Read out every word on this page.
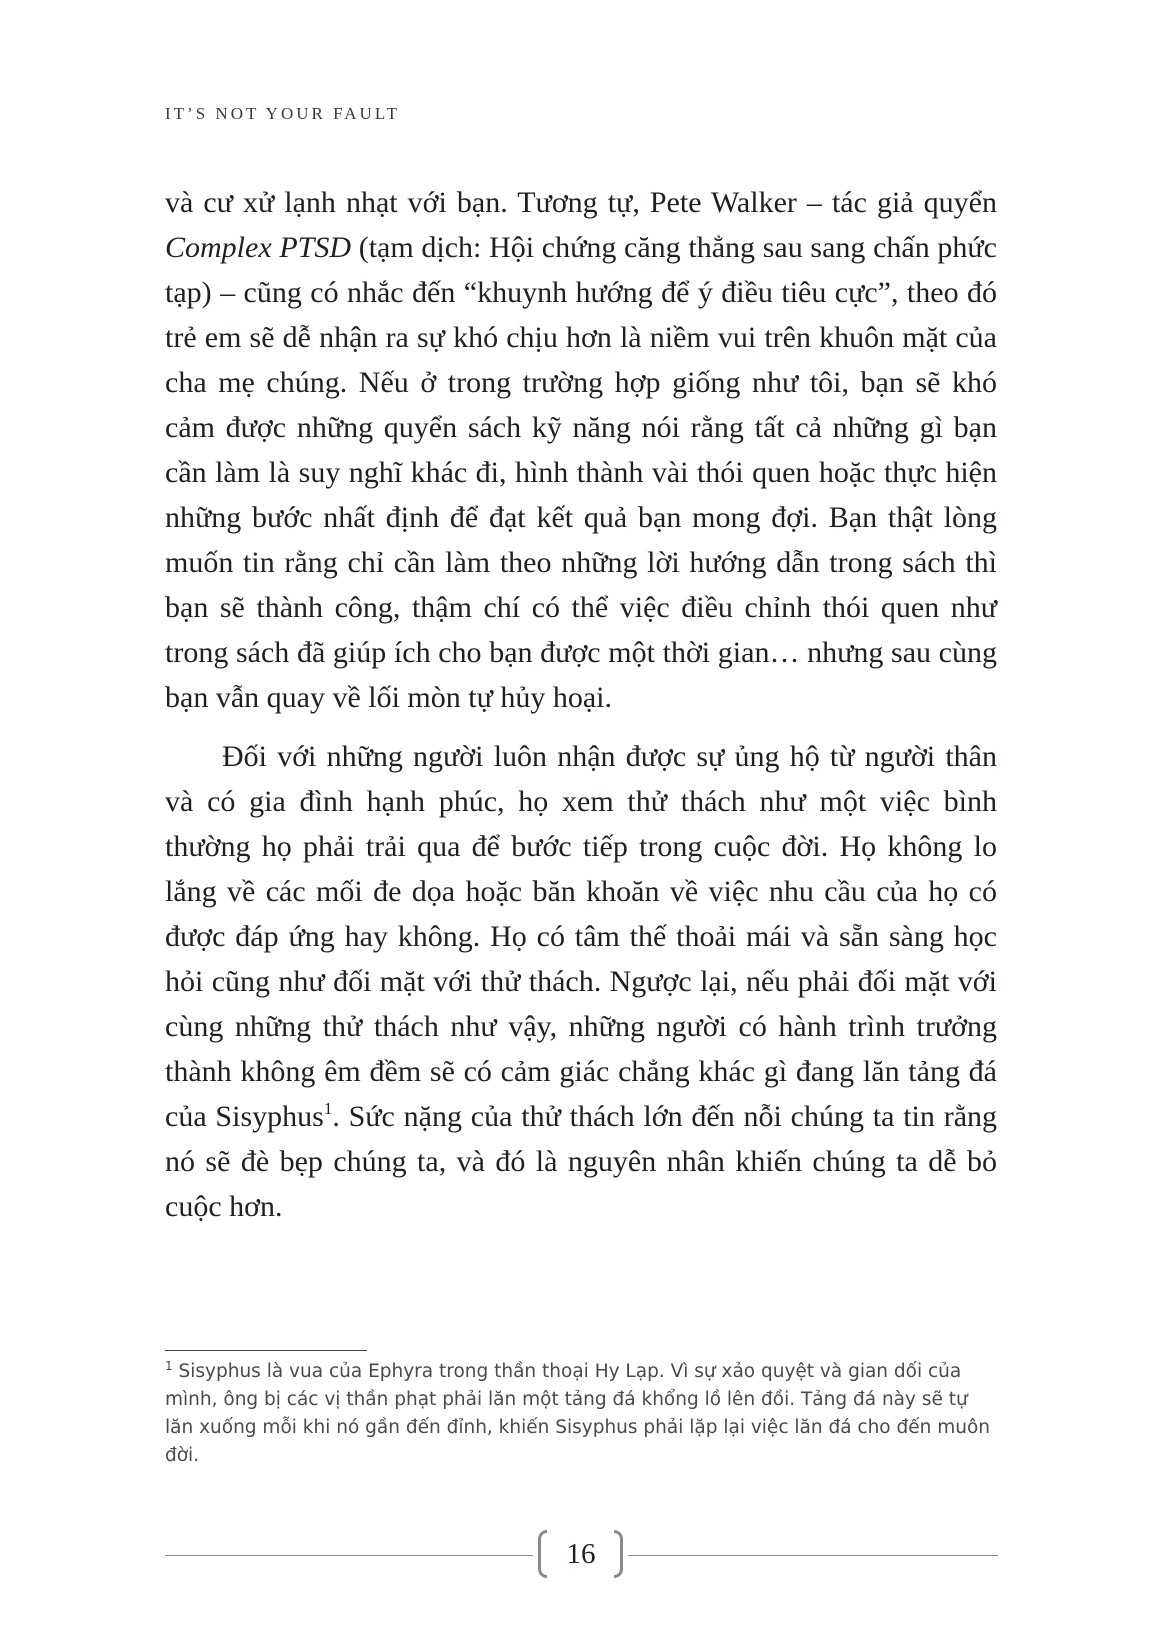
IT’S NOT YOUR FAULT

và cư xử lạnh nhạt với bạn. Tương tự, Pete Walker – tác giả quyển Complex PTSD (tạm dịch: Hội chứng căng thẳng sau sang chấn phức tạp) – cũng có nhắc đến “khuynh hướng để ý điều tiêu cực”, theo đó trẻ em sẽ dễ nhận ra sự khó chịu hơn là niềm vui trên khuôn mặt của cha mẹ chúng. Nếu ở trong trường hợp giống như tôi, bạn sẽ khó cảm được những quyển sách kỹ năng nói rằng tất cả những gì bạn cần làm là suy nghĩ khác đi, hình thành vài thói quen hoặc thực hiện những bước nhất định để đạt kết quả bạn mong đợi. Bạn thật lòng muốn tin rằng chỉ cần làm theo những lời hướng dẫn trong sách thì bạn sẽ thành công, thậm chí có thể việc điều chỉnh thói quen như trong sách đã giúp ích cho bạn được một thời gian… nhưng sau cùng bạn vẫn quay về lối mòn tự hủy hoại.

Đối với những người luôn nhận được sự ủng hộ từ người thân và có gia đình hạnh phúc, họ xem thử thách như một việc bình thường họ phải trải qua để bước tiếp trong cuộc đời. Họ không lo lắng về các mối đe dọa hoặc băn khoăn về việc nhu cầu của họ có được đáp ứng hay không. Họ có tâm thế thoải mái và sẵn sàng học hỏi cũng như đối mặt với thử thách. Ngược lại, nếu phải đối mặt với cùng những thử thách như vậy, những người có hành trình trưởng thành không êm đềm sẽ có cảm giác chẳng khác gì đang lăn tảng đá của Sisyphus$^1$. Sức nặng của thử thách lớn đến nỗi chúng ta tin rằng nó sẽ đè bẹp chúng ta, và đó là nguyên nhân khiến chúng ta dễ bỏ cuộc hơn.

$^1$ Sisyphus là vua của Ephyra trong thần thoại Hy Lạp. Vì sự xảo quyệt và gian dối của mình, ông bị các vị thần phạt phải lăn một tảng đá khổng lồ lên đồi. Tảng đá này sẽ tự lăn xuống mỗi khi nó gần đến đỉnh, khiến Sisyphus phải lặp lại việc lăn đá cho đến muôn đời.

16
